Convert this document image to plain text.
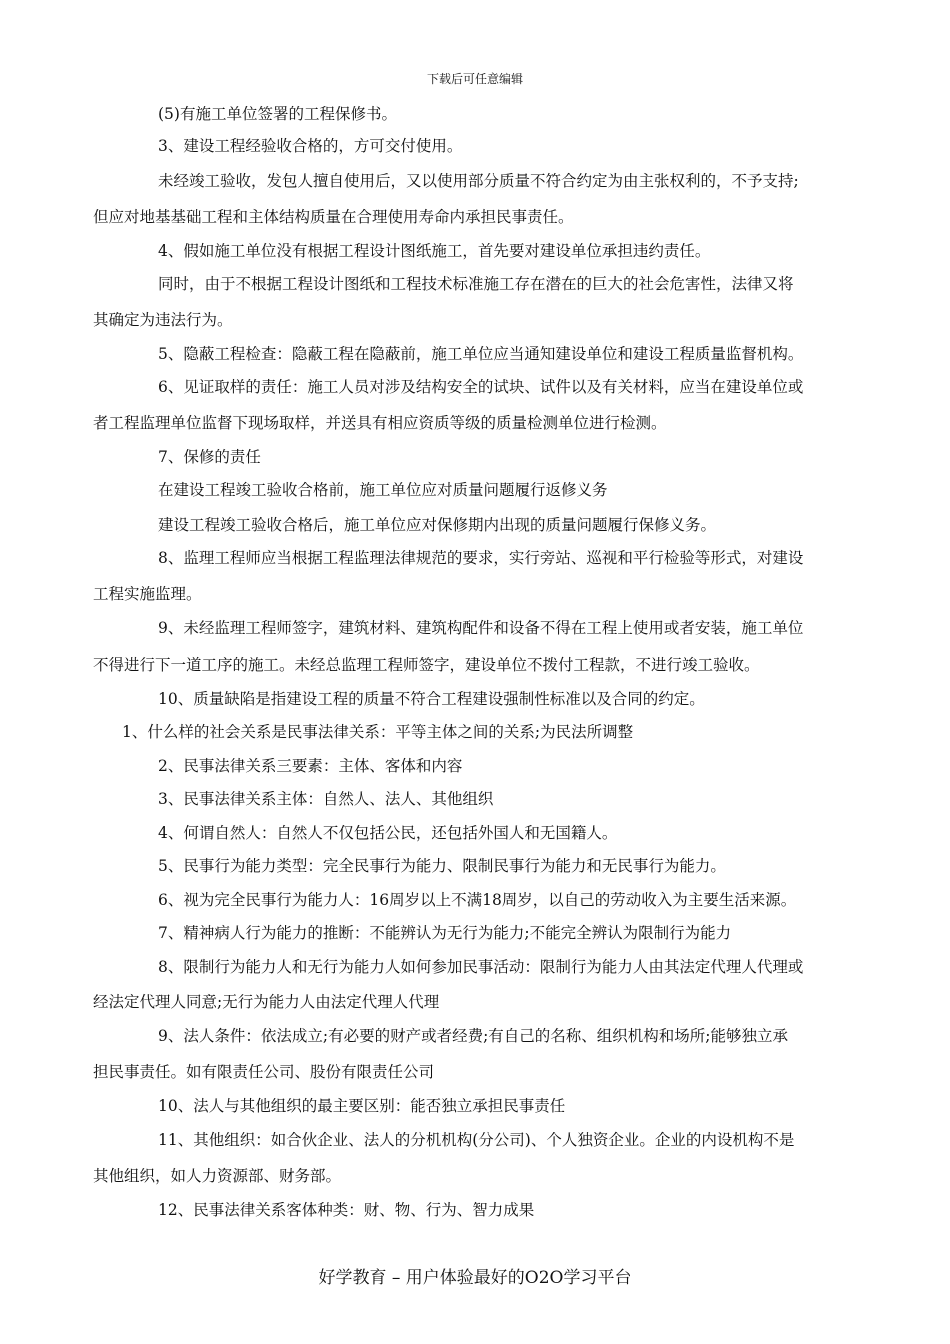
下载后可任意编辑
(5)有施工单位签署的工程保修书。
3、建设工程经验收合格的，方可交付使用。
未经竣工验收，发包人擅自使用后，又以使用部分质量不符合约定为由主张权利的，不予支持;
但应对地基基础工程和主体结构质量在合理使用寿命内承担民事责任。
4、假如施工单位没有根据工程设计图纸施工，首先要对建设单位承担违约责任。
同时，由于不根据工程设计图纸和工程技术标准施工存在潜在的巨大的社会危害性，法律又将
其确定为违法行为。
5、隐蔽工程检查：隐蔽工程在隐蔽前，施工单位应当通知建设单位和建设工程质量监督机构。
6、见证取样的责任：施工人员对涉及结构安全的试块、试件以及有关材料，应当在建设单位或
者工程监理单位监督下现场取样，并送具有相应资质等级的质量检测单位进行检测。
7、保修的责任
在建设工程竣工验收合格前，施工单位应对质量问题履行返修义务
建设工程竣工验收合格后，施工单位应对保修期内出现的质量问题履行保修义务。
8、监理工程师应当根据工程监理法律规范的要求，实行旁站、巡视和平行检验等形式，对建设
工程实施监理。
9、未经监理工程师签字，建筑材料、建筑构配件和设备不得在工程上使用或者安装，施工单位
不得进行下一道工序的施工。未经总监理工程师签字，建设单位不拨付工程款，不进行竣工验收。
10、质量缺陷是指建设工程的质量不符合工程建设强制性标准以及合同的约定。
1、什么样的社会关系是民事法律关系：平等主体之间的关系;为民法所调整
2、民事法律关系三要素：主体、客体和内容
3、民事法律关系主体：自然人、法人、其他组织
4、何谓自然人：自然人不仅包括公民，还包括外国人和无国籍人。
5、民事行为能力类型：完全民事行为能力、限制民事行为能力和无民事行为能力。
6、视为完全民事行为能力人：16周岁以上不满18周岁，以自己的劳动收入为主要生活来源。
7、精神病人行为能力的推断：不能辨认为无行为能力;不能完全辨认为限制行为能力
8、限制行为能力人和无行为能力人如何参加民事活动：限制行为能力人由其法定代理人代理或
经法定代理人同意;无行为能力人由法定代理人代理
9、法人条件：依法成立;有必要的财产或者经费;有自己的名称、组织机构和场所;能够独立承
担民事责任。如有限责任公司、股份有限责任公司
10、法人与其他组织的最主要区别：能否独立承担民事责任
11、其他组织：如合伙企业、法人的分机机构(分公司)、个人独资企业。企业的内设机构不是
其他组织，如人力资源部、财务部。
12、民事法律关系客体种类：财、物、行为、智力成果
好学教育 – 用户体验最好的O2O学习平台
